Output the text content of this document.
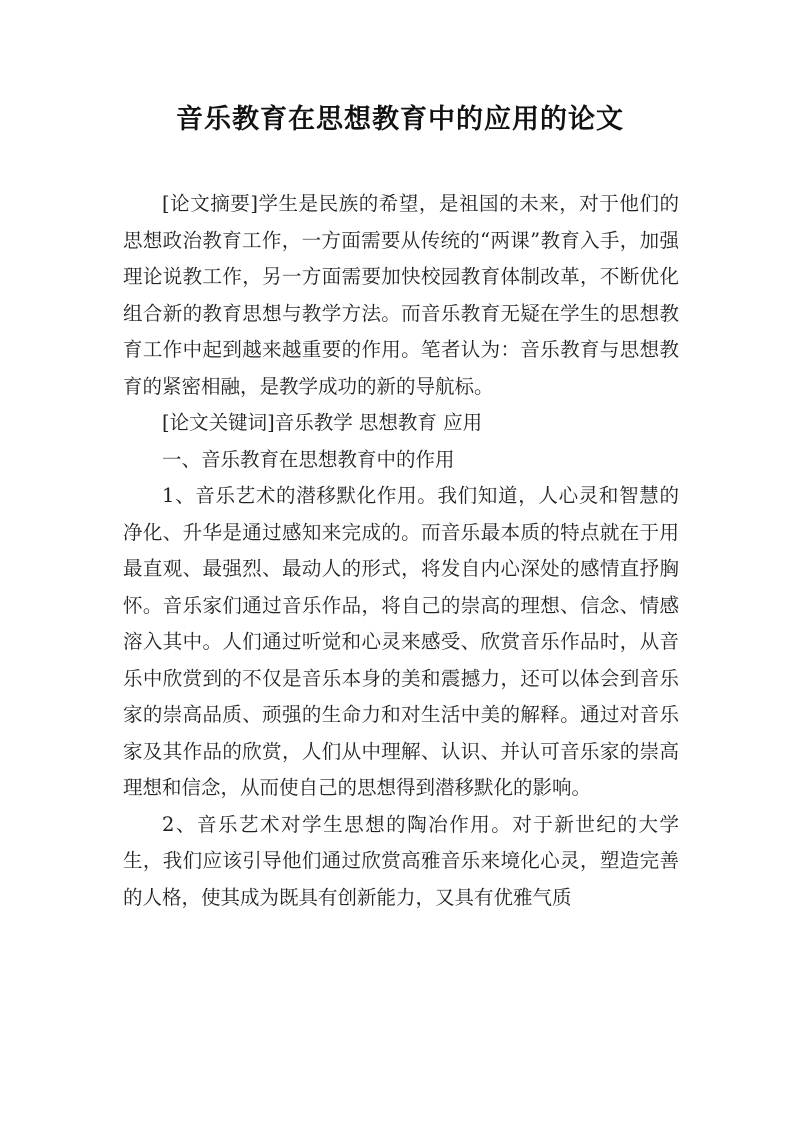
音乐教育在思想教育中的应用的论文

[论文摘要]学生是民族的希望，是祖国的未来，对于他们的思想政治教育工作，一方面需要从传统的“两课”教育入手，加强理论说教工作，另一方面需要加快校园教育体制改革，不断优化组合新的教育思想与教学方法。而音乐教育无疑在学生的思想教育工作中起到越来越重要的作用。笔者认为：音乐教育与思想教育的紧密相融，是教学成功的新的导航标。

[论文关键词]音乐教学 思想教育 应用

一、音乐教育在思想教育中的作用

1、音乐艺术的潜移默化作用。我们知道，人心灵和智慧的净化、升华是通过感知来完成的。而音乐最本质的特点就在于用最直观、最强烈、最动人的形式，将发自内心深处的感情直抒胸怀。音乐家们通过音乐作品，将自己的崇高的理想、信念、情感溶入其中。人们通过听觉和心灵来感受、欣赏音乐作品时，从音乐中欣赏到的不仅是音乐本身的美和震撼力，还可以体会到音乐家的崇高品质、顽强的生命力和对生活中美的解释。通过对音乐家及其作品的欣赏，人们从中理解、认识、并认可音乐家的崇高理想和信念，从而使自己的思想得到潜移默化的影响。

2、音乐艺术对学生思想的陶冶作用。对于新世纪的大学生，我们应该引导他们通过欣赏高雅音乐来境化心灵，塑造完善的人格，使其成为既具有创新能力，又具有优雅气质
